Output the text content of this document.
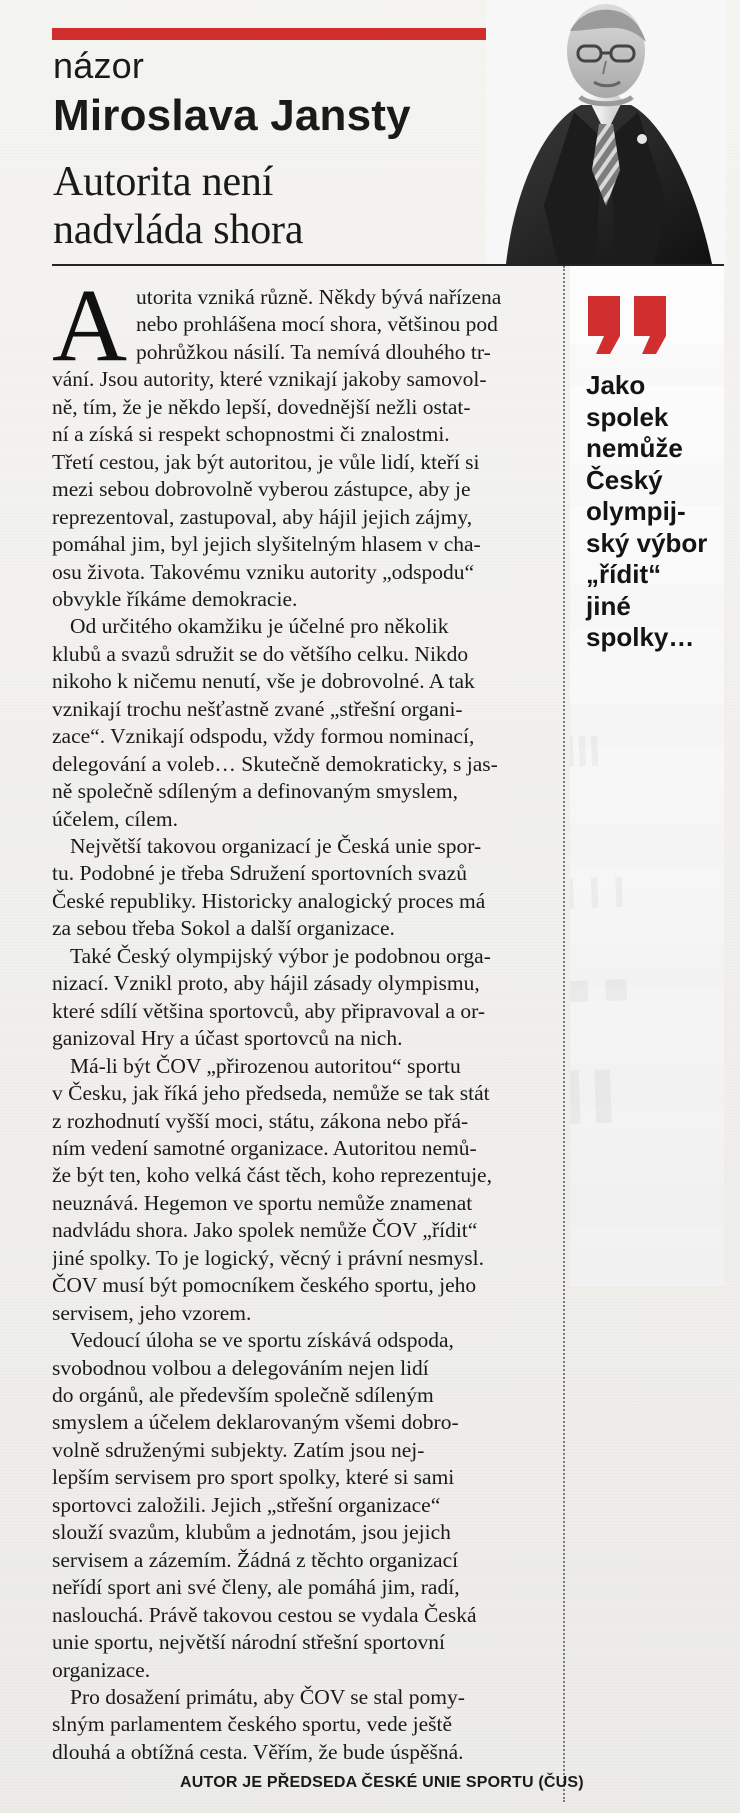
názor
Miroslava Jansty
Autorita není
nadvláda shora
A utorita vzniká různě. Někdy bývá nařízena
nebo prohlášena mocí shora, většinou pod
pohrůžkou násilí. Ta nemívá dlouhého tr-
vání. Jsou autority, které vznikají jakoby samovol-
ně, tím, že je někdo lepší, dovednější nežli ostat-
ní a získá si respekt schopnostmi či znalostmi.
Třetí cestou, jak být autoritou, je vůle lidí, kteří si
mezi sebou dobrovolně vyberou zástupce, aby je
reprezentoval, zastupoval, aby hájil jejich zájmy,
pomáhal jim, byl jejich slyšitelným hlasem v cha-
osu života. Takovému vzniku autority „odspodu“
obvykle říkáme demokracie.
Od určitého okamžiku je účelné pro několik
klubů a svazů sdružit se do většího celku. Nikdo
nikoho k ničemu nenutí, vše je dobrovolné. A tak
vznikají trochu nešťastně zvané „střešní organi-
zace“. Vznikají odspodu, vždy formou nominací,
delegování a voleb… Skutečně demokraticky, s jas-
ně společně sdíleným a definovaným smyslem,
účelem, cílem.
Největší takovou organizací je Česká unie spor-
tu. Podobné je třeba Sdružení sportovních svazů
České republiky. Historicky analogický proces má
za sebou třeba Sokol a další organizace.
Také Český olympijský výbor je podobnou orga-
nizací. Vznikl proto, aby hájil zásady olympismu,
které sdílí většina sportovců, aby připravoval a or-
ganizoval Hry a účast sportovců na nich.
Má-li být ČOV „přirozenou autoritou“ sportu
v Česku, jak říká jeho předseda, nemůže se tak stát
z rozhodnutí vyšší moci, státu, zákona nebo přá-
ním vedení samotné organizace. Autoritou nemů-
že být ten, koho velká část těch, koho reprezentuje,
neuznává. Hegemon ve sportu nemůže znamenat
nadvládu shora. Jako spolek nemůže ČOV „řídit“
jiné spolky. To je logický, věcný i právní nesmysl.
ČOV musí být pomocníkem českého sportu, jeho
servisem, jeho vzorem.
Vedoucí úloha se ve sportu získává odspoda,
svobodnou volbou a delegováním nejen lidí
do orgánů, ale především společně sdíleným
smyslem a účelem deklarovaným všemi dobro-
volně sdruženými subjekty. Zatím jsou nej-
lepším servisem pro sport spolky, které si sami
sportovci založili. Jejich „střešní organizace“
slouží svazům, klubům a jednotám, jsou jejich
servisem a zázemím. Žádná z těchto organizací
neřídí sport ani své členy, ale pomáhá jim, radí,
naslouchá. Právě takovou cestou se vydala Česká
unie sportu, největší národní střešní sportovní
organizace.
Pro dosažení primátu, aby ČOV se stal pomy-
slným parlamentem českého sportu, vede ještě
dlouhá a obtížná cesta. Věřím, že bude úspěšná.
AUTOR JE PŘEDSEDA ČESKÉ UNIE SPORTU (ČUS)
Jako
spolek
nemůže
Český
olympij-
ský výbor
„řídit“
jiné
spolky…
